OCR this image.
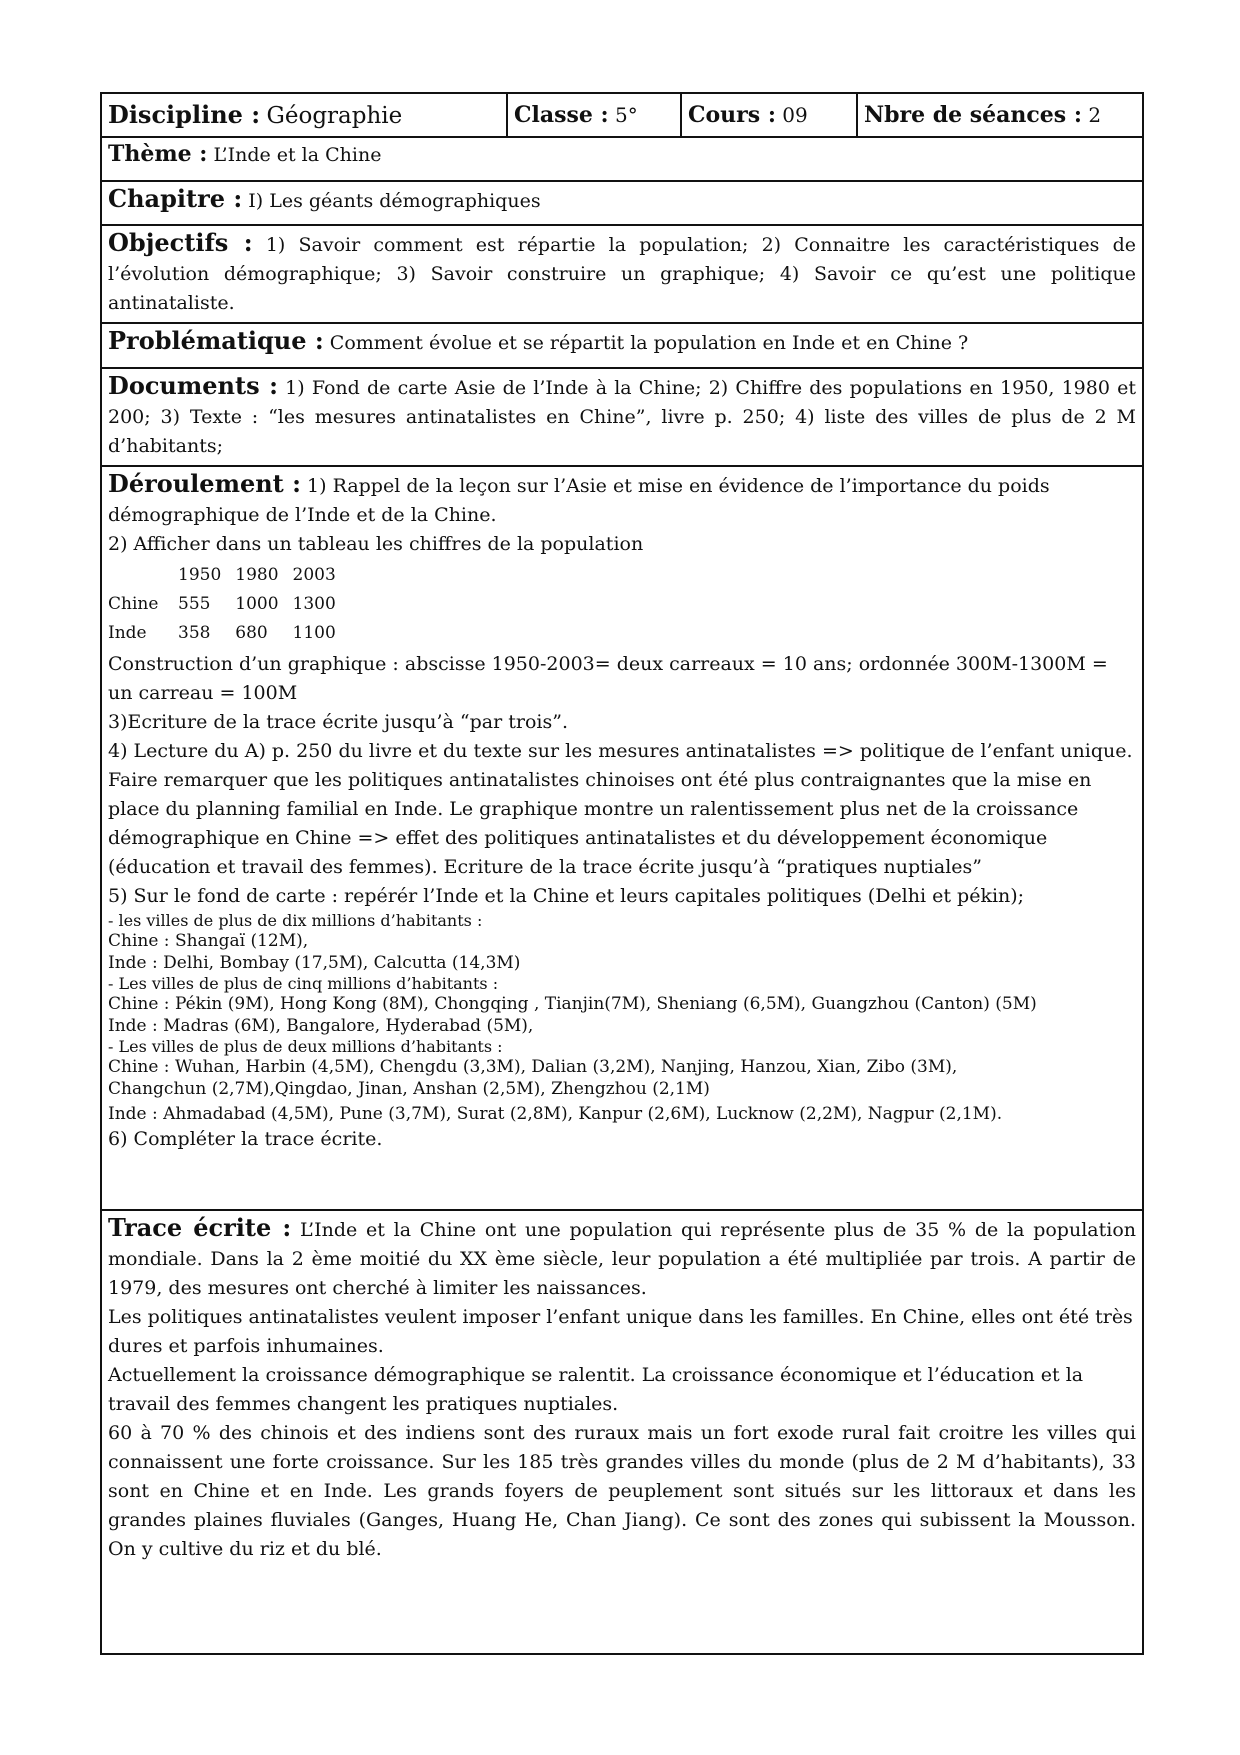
Discipline : Géographie	Classe : 5°	Cours : 09	Nbre de séances : 2
Thème : L’Inde et la Chine
Chapitre : I) Les géants démographiques
Objectifs : 1) Savoir comment est répartie la population; 2) Connaitre les caractéristiques de l’évolution démographique; 3) Savoir construire un graphique; 4) Savoir ce qu’est une politique antinataliste.
Problématique : Comment évolue et se répartit la population en Inde et en Chine ?
Documents : 1) Fond de carte Asie de l’Inde à la Chine; 2) Chiffre des populations en 1950, 1980 et 200; 3) Texte : “les mesures antinatalistes en Chine”, livre p. 250; 4) liste des villes de plus de 2 M d’habitants;

Déroulement : 1) Rappel de la leçon sur l’Asie et mise en évidence de l’importance du poids démographique de l’Inde et de la Chine.

2) Afficher dans un tableau les chiffres de la population

	1950	1980	2003
Chine	555	1000	1300
Inde	358	680	1100

Construction d’un graphique : abscisse 1950-2003= deux carreaux = 10 ans; ordonnée 300M-1300M = un carreau = 100M

3)Ecriture de la trace écrite jusqu’à “par trois”.

4) Lecture du A) p. 250 du livre et du texte sur les mesures antinatalistes => politique de l’enfant unique. Faire remarquer que les politiques antinatalistes chinoises ont été plus contraignantes que la mise en place du planning familial en Inde. Le graphique montre un ralentissement plus net de la croissance démographique en Chine => effet des politiques antinatalistes et du développement économique (éducation et travail des femmes). Ecriture de la trace écrite jusqu’à “pratiques nuptiales”

5) Sur le fond de carte : repérér l’Inde et la Chine et leurs capitales politiques (Delhi et pékin);

- les villes de plus de dix millions d’habitants :

Chine : Shangaï (12M),

Inde : Delhi, Bombay (17,5M), Calcutta (14,3M)

- Les villes de plus de cinq millions d’habitants :

Chine : Pékin (9M), Hong Kong (8M), Chongqing , Tianjin(7M), Sheniang (6,5M), Guangzhou (Canton) (5M)

Inde : Madras (6M), Bangalore, Hyderabad (5M),

- Les villes de plus de deux millions d’habitants :

Chine : Wuhan, Harbin (4,5M), Chengdu (3,3M), Dalian (3,2M), Nanjing, Hanzou, Xian, Zibo (3M),

Changchun (2,7M),Qingdao, Jinan, Anshan (2,5M), Zhengzhou (2,1M)

Inde : Ahmadabad (4,5M), Pune (3,7M), Surat (2,8M), Kanpur (2,6M), Lucknow (2,2M), Nagpur (2,1M).

6) Compléter la trace écrite.

Trace écrite : L’Inde et la Chine ont une population qui représente plus de 35 % de la population mondiale. Dans la 2 ème moitié du XX ème siècle, leur population a été multipliée par trois. A partir de 1979, des mesures ont cherché à limiter les naissances.

Les politiques antinatalistes veulent imposer l’enfant unique dans les familles. En Chine, elles ont été très dures et parfois inhumaines.

Actuellement la croissance démographique se ralentit. La croissance économique et l’éducation et la travail des femmes changent les pratiques nuptiales.

60 à 70 % des chinois et des indiens sont des ruraux mais un fort exode rural fait croitre les villes qui connaissent une forte croissance. Sur les 185 très grandes villes du monde (plus de 2 M d’habitants), 33 sont en Chine et en Inde. Les grands foyers de peuplement sont situés sur les littoraux et dans les grandes plaines fluviales (Ganges, Huang He, Chan Jiang). Ce sont des zones qui subissent la Mousson. On y cultive du riz et du blé.
